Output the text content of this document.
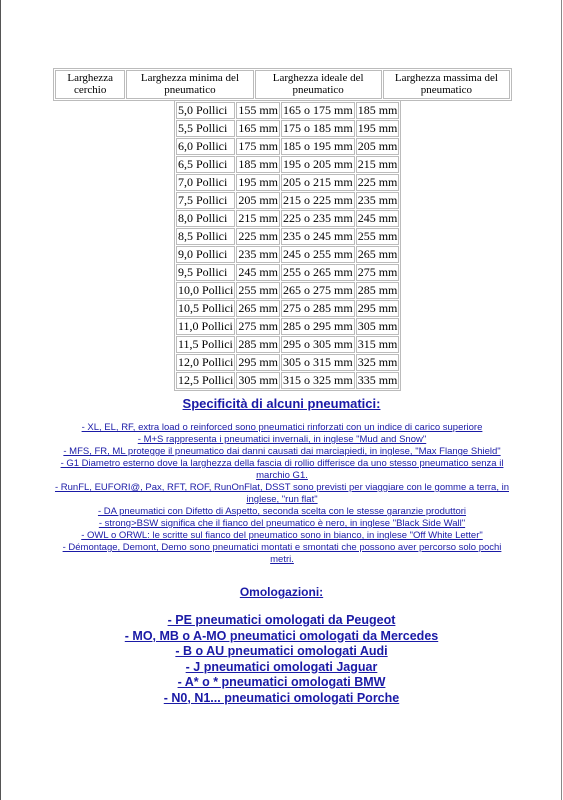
Larghezza cerchio	Larghezza minima del pneumatico	Larghezza ideale del pneumatico	Larghezza massima del pneumatico
5,0 Pollici	155 mm	165 o 175 mm	185 mm
5,5 Pollici	165 mm	175 o 185 mm	195 mm
6,0 Pollici	175 mm	185 o 195 mm	205 mm
6,5 Pollici	185 mm	195 o 205 mm	215 mm
7,0 Pollici	195 mm	205 o 215 mm	225 mm
7,5 Pollici	205 mm	215 o 225 mm	235 mm
8,0 Pollici	215 mm	225 o 235 mm	245 mm
8,5 Pollici	225 mm	235 o 245 mm	255 mm
9,0 Pollici	235 mm	245 o 255 mm	265 mm
9,5 Pollici	245 mm	255 o 265 mm	275 mm
10,0 Pollici	255 mm	265 o 275 mm	285 mm
10,5 Pollici	265 mm	275 o 285 mm	295 mm
11,0 Pollici	275 mm	285 o 295 mm	305 mm
11,5 Pollici	285 mm	295 o 305 mm	315 mm
12,0 Pollici	295 mm	305 o 315 mm	325 mm
12,5 Pollici	305 mm	315 o 325 mm	335 mm
Specificità di alcuni pneumatici:
- XL, EL, RF, extra load o reinforced sono pneumatici rinforzati con un indice di carico superiore
- M+S rappresenta i pneumatici invernali, in inglese "Mud and Snow"
- MFS, FR, ML protegge il pneumatico dai danni causati dai marciapiedi, in inglese, "Max Flange Shield"
- G1 Diametro esterno dove la larghezza della fascia di rollio differisce da uno stesso pneumatico senza il marchio G1.
- RunFL, EUFORI@, Pax, RFT, ROF, RunOnFlat, DSST sono previsti per viaggiare con le gomme a terra, in inglese, "run flat"
- DA pneumatici con Difetto di Aspetto, seconda scelta con le stesse garanzie produttori
- strong>BSW significa che il fianco del pneumatico è nero, in inglese "Black Side Wall"
- OWL o ORWL: le scritte sul fianco del pneumatico sono in bianco, in inglese "Off White Letter"
- Démontage, Demont, Demo sono pneumatici montati e smontati che possono aver percorso solo pochi metri.
Omologazioni:
- PE pneumatici omologati da Peugeot
- MO, MB o A-MO pneumatici omologati da Mercedes
- B o AU pneumatici omologati Audi
- J pneumatici omologati Jaguar
- A* o * pneumatici omologati BMW
- N0, N1... pneumatici omologati Porche
